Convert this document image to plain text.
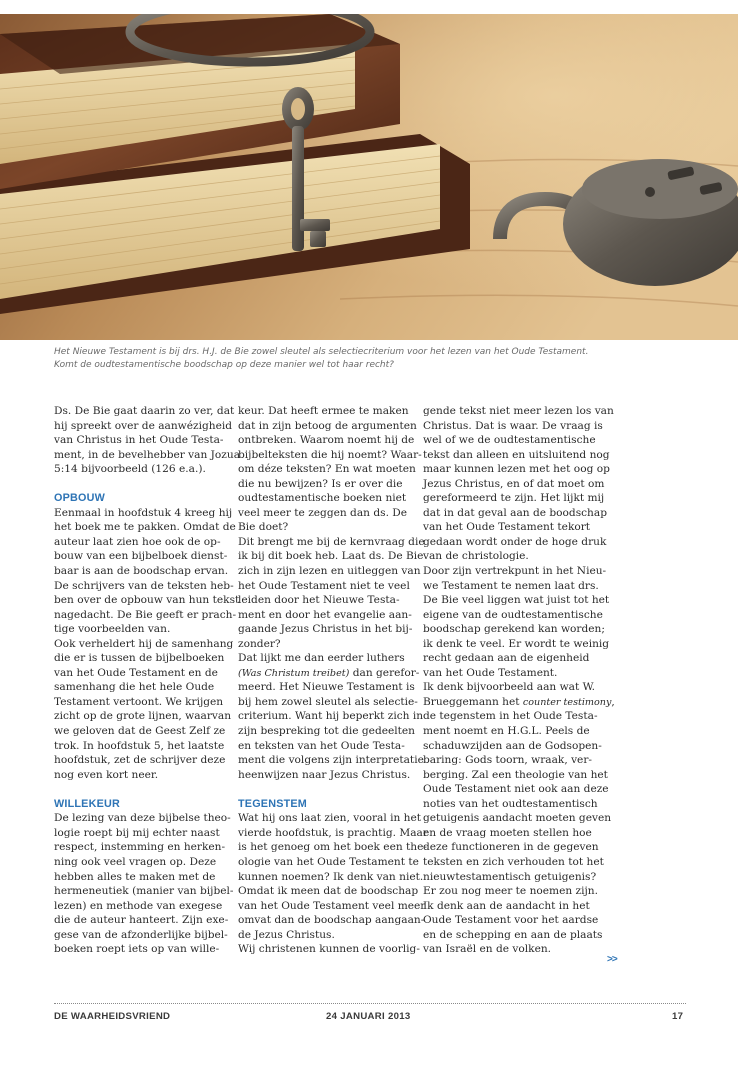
Het Nieuwe Testament is bij drs. H.J. de Bie zowel sleutel als selectiecriterium voor het lezen van het Oude Testament.
Komt de oudtestamentische boodschap op deze manier wel tot haar recht?
Ds. De Bie gaat daarin zo ver, dat
hij spreekt over de aanwézigheid
van Christus in het Oude Testa-
ment, in de bevelhebber van Jozua
5:14 bijvoorbeeld (126 e.a.).
OPBOUW
Eenmaal in hoofdstuk 4 kreeg hij
het boek me te pakken. Omdat de
auteur laat zien hoe ook de op-
bouw van een bijbelboek dienst-
baar is aan de boodschap ervan.
De schrijvers van de teksten heb-
ben over de opbouw van hun tekst
nagedacht. De Bie geeft er prach-
tige voorbeelden van.
Ook verheldert hij de samenhang
die er is tussen de bijbelboeken
van het Oude Testament en de
samenhang die het hele Oude
Testament vertoont. We krijgen
zicht op de grote lijnen, waarvan
we geloven dat de Geest Zelf ze
trok. In hoofdstuk 5, het laatste
hoofdstuk, zet de schrijver deze
nog even kort neer.
WILLEKEUR
De lezing van deze bijbelse theo-
logie roept bij mij echter naast
respect, instemming en herken-
ning ook veel vragen op. Deze
hebben alles te maken met de
hermeneutiek (manier van bijbel-
lezen) en methode van exegese
die de auteur hanteert. Zijn exe-
gese van de afzonderlijke bijbel-
boeken roept iets op van wille-
keur. Dat heeft ermee te maken
dat in zijn betoog de argumenten
ontbreken. Waarom noemt hij de
bijbelteksten die hij noemt? Waar-
om déze teksten? En wat moeten
die nu bewijzen? Is er over die
oudtestamentische boeken niet
veel meer te zeggen dan ds. De
Bie doet?
Dit brengt me bij de kernvraag die
ik bij dit boek heb. Laat ds. De Bie
zich in zijn lezen en uitleggen van
het Oude Testament niet te veel
leiden door het Nieuwe Testa-
ment en door het evangelie aan-
gaande Jezus Christus in het bij-
zonder?
Dat lijkt me dan eerder luthers
(Was Christum treibet) dan gerefor-
meerd. Het Nieuwe Testament is
bij hem zowel sleutel als selectie-
criterium. Want hij beperkt zich in
zijn bespreking tot die gedeelten
en teksten van het Oude Testa-
ment die volgens zijn interpretatie
heenwijzen naar Jezus Christus.
TEGENSTEM
Wat hij ons laat zien, vooral in het
vierde hoofdstuk, is prachtig. Maar
is het genoeg om het boek een the-
ologie van het Oude Testament te
kunnen noemen? Ik denk van niet.
Omdat ik meen dat de boodschap
van het Oude Testament veel meer
omvat dan de boodschap aangaan-
de Jezus Christus.
Wij christenen kunnen de voorlig-
gende tekst niet meer lezen los van
Christus. Dat is waar. De vraag is
wel of we de oudtestamentische
tekst dan alleen en uitsluitend nog
maar kunnen lezen met het oog op
Jezus Christus, en of dat moet om
gereformeerd te zijn. Het lijkt mij
dat in dat geval aan de boodschap
van het Oude Testament tekort
gedaan wordt onder de hoge druk
van de christologie.
Door zijn vertrekpunt in het Nieu-
we Testament te nemen laat drs.
De Bie veel liggen wat juist tot het
eigene van de oudtestamentische
boodschap gerekend kan worden;
ik denk te veel. Er wordt te weinig
recht gedaan aan de eigenheid
van het Oude Testament.
Ik denk bijvoorbeeld aan wat W.
Brueggemann het counter testimony,
de tegenstem in het Oude Testa-
ment noemt en H.G.L. Peels de
schaduwzijden aan de Godsopen-
baring: Gods toorn, wraak, ver-
berging. Zal een theologie van het
Oude Testament niet ook aan deze
noties van het oudtestamentisch
getuigenis aandacht moeten geven
en de vraag moeten stellen hoe
deze functioneren in de gegeven
teksten en zich verhouden tot het
nieuwtestamentisch getuigenis?
Er zou nog meer te noemen zijn.
Ik denk aan de aandacht in het
Oude Testament voor het aardse
en de schepping en aan de plaats
van Israël en de volken.
>>
DE WAARHEIDSVRIEND	24 JANUARI 2013	17
